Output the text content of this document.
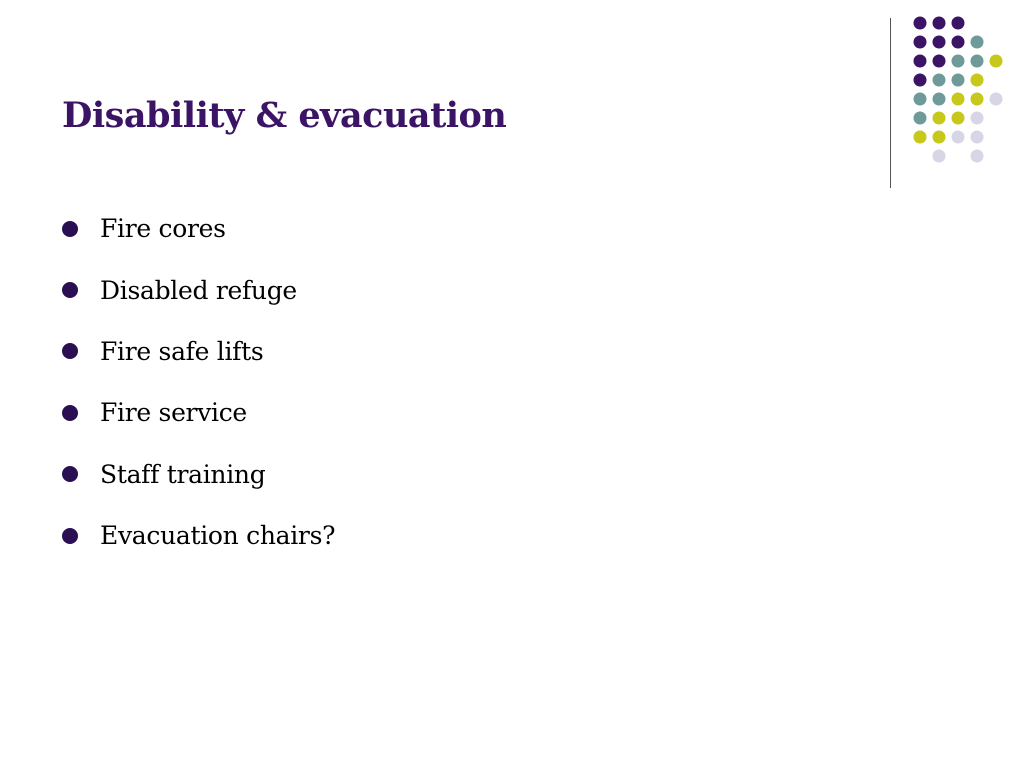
Disability & evacuation
Fire cores
Disabled refuge
Fire safe lifts
Fire service
Staff training
Evacuation chairs?
